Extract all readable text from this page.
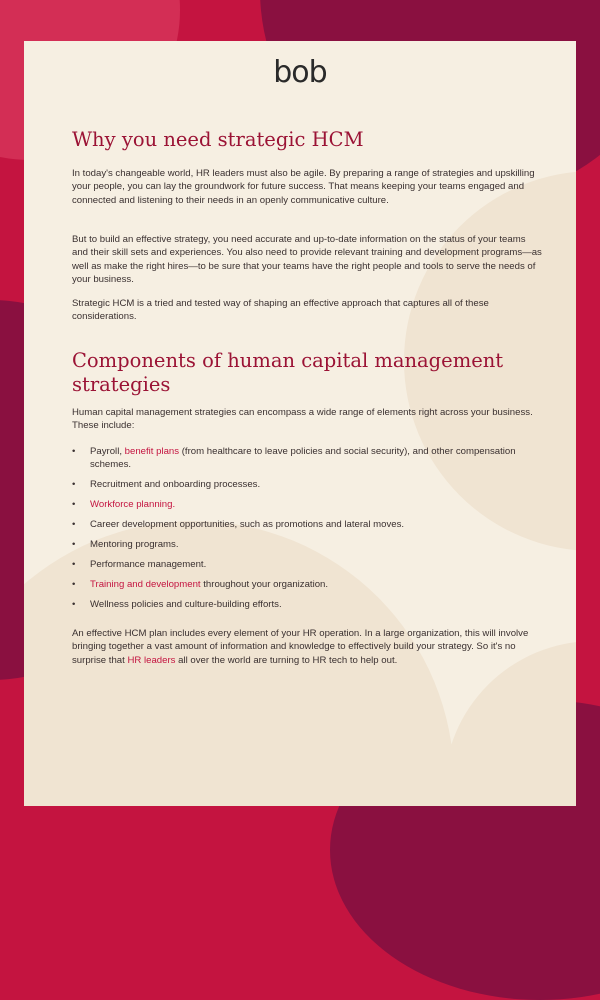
bob
Why you need strategic HCM

In today's changeable world, HR leaders must also be agile. By preparing a range of strategies and upskilling your people, you can lay the groundwork for future success. That means keeping your teams engaged and connected and listening to their needs in an openly communicative culture.

But to build an effective strategy, you need accurate and up-to-date information on the status of your teams and their skill sets and experiences. You also need to provide relevant training and development programs—as well as make the right hires—to be sure that your teams have the right people and tools to serve the needs of your business.

Strategic HCM is a tried and tested way of shaping an effective approach that captures all of these considerations.

Components of human capital management strategies

Human capital management strategies can encompass a wide range of elements right across your business. These include:

• Payroll, benefit plans (from healthcare to leave policies and social security), and other compensation schemes.
• Recruitment and onboarding processes.
• Workforce planning.
• Career development opportunities, such as promotions and lateral moves.
• Mentoring programs.
• Performance management.
• Training and development throughout your organization.
• Wellness policies and culture-building efforts.

An effective HCM plan includes every element of your HR operation. In a large organization, this will involve bringing together a vast amount of information and knowledge to effectively build your strategy. So it's no surprise that HR leaders all over the world are turning to HR tech to help out.
